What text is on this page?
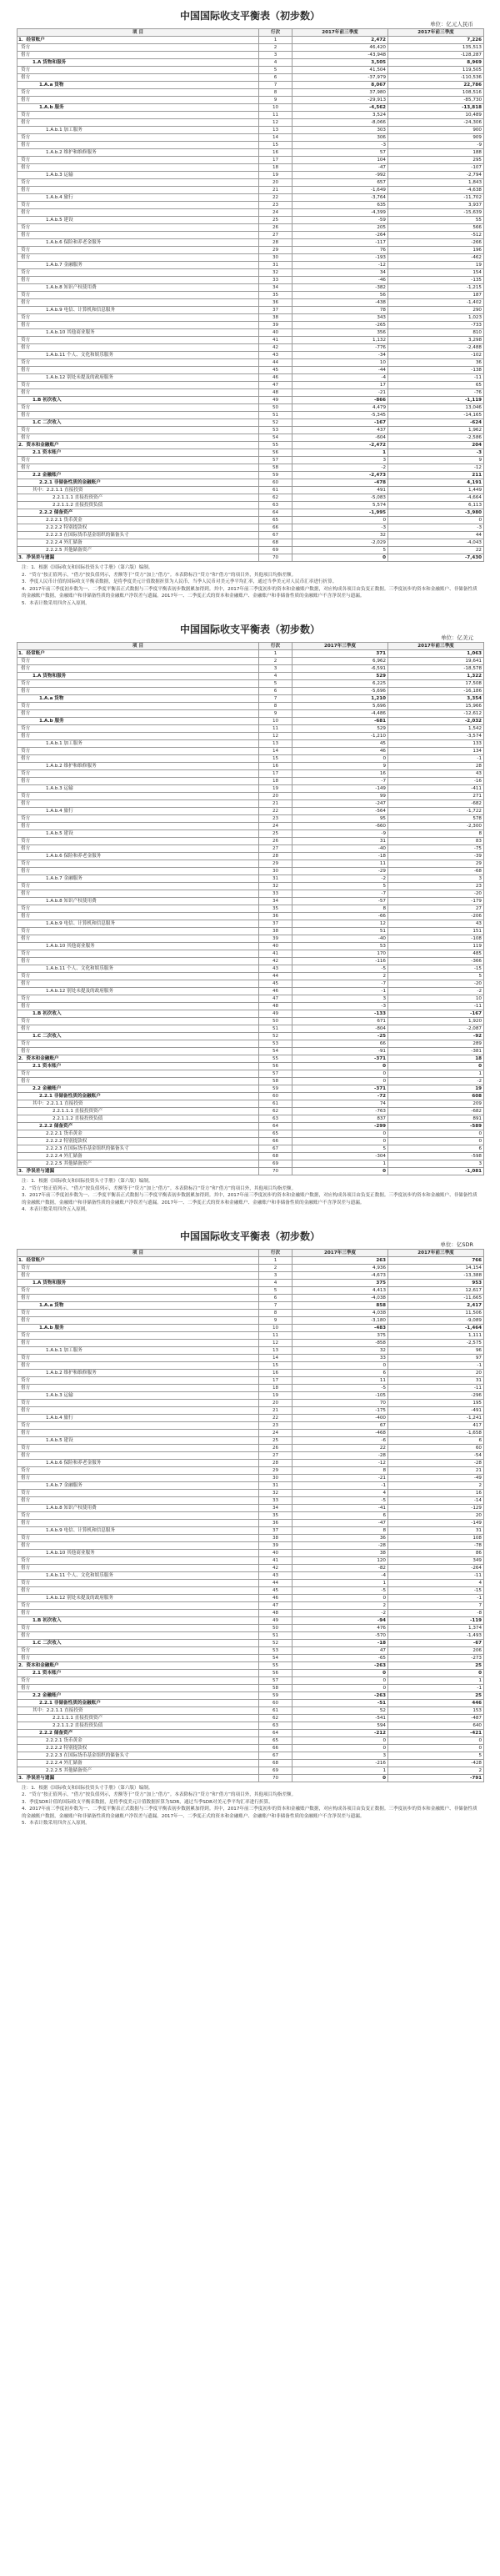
中国国际收支平衡表（初步数）
单位：亿元人民币
项 目	行次	2017年前三季度	2017年前三季度
1．经常账户	1	2,472	7,226
贷方	2	46,420	135,513
借方	3	-43,948	-128,287
1.A 货物和服务	4	3,505	8,969
贷方	5	41,504	119,505
借方	6	-37,979	-110,536
1.A.a 货物	7	8,067	22,786
贷方	8	37,980	108,516
借方	9	-29,913	-85,730
1.A.b 服务	10	-4,562	-13,818
贷方	11	3,524	10,489
借方	12	-8,066	-24,306
1.A.b.1 加工服务	13	303	900
贷方	14	306	909
借方	15	-3	-9
1.A.b.2 维护和维修服务	16	57	188
贷方	17	104	295
借方	18	-47	-107
1.A.b.3 运输	19	-992	-2,794
贷方	20	657	1,843
借方	21	-1,649	-4,638
1.A.b.4 旅行	22	-3,764	-11,702
贷方	23	635	3,937
借方	24	-4,399	-15,639
1.A.b.5 建设	25	-59	55
贷方	26	205	566
借方	27	-264	-512
1.A.b.6 保险和养老金服务	28	-117	-266
贷方	29	76	196
借方	30	-193	-462
1.A.b.7 金融服务	31	-12	19
贷方	32	34	154
借方	33	-46	-135
1.A.b.8 知识产权使用费	34	-382	-1,215
贷方	35	56	187
借方	36	-438	-1,402
1.A.b.9 电信、计算机和信息服务	37	78	290
贷方	38	343	1,023
借方	39	-265	-733
1.A.b.10 其他商业服务	40	356	810
贷方	41	1,132	3,298
借方	42	-776	-2,488
1.A.b.11 个人、文化和娱乐服务	43	-34	-102
贷方	44	10	36
借方	45	-44	-138
1.A.b.12 别处未提及的政府服务	46	-4	-11
贷方	47	17	65
借方	48	-21	-76
1.B 初次收入	49	-866	-1,119
贷方	50	4,479	13,046
借方	51	-5,345	-14,165
1.C 二次收入	52	-167	-624
贷方	53	437	1,962
借方	54	-604	-2,586
2．资本和金融账户	55	-2,472	204
2.1 资本账户	56	1	-3
贷方	57	3	9
借方	58	-2	-12
2.2 金融账户	59	-2,473	211
2.2.1 非储备性质的金融账户	60	-478	4,191
其中：2.2.1.1 直接投资	61	491	1,449
2.2.1.1.1 直接投资资产	62	-5,083	-4,664
2.2.1.1.2 直接投资负债	63	5,574	6,113
2.2.2 储备资产	64	-1,995	-3,980
2.2.2.1 货币黄金	65	0	0
2.2.2.2 特别提款权	66	-3	-3
2.2.2.3 在国际货币基金组织的储备头寸	67	32	44
2.2.2.4 外汇储备	68	-2,029	-4,043
2.2.2.5 其他储备资产	69	5	22
3．净误差与遗漏	70	0	-7,430

注：1．根据《国际收支和国际投资头寸手册》（第六版）编制。

2．“贷方”按正值列示，“借方”按负值列示，差额等于“贷方”加上“借方”。本表除标注“贷方”和“借方”的项目外，其他项目均指差额。

3．季度人民币计值的国际收支平衡表数据，是将季度美元计值数据折算为人民币，当季人民币对美元季平均汇率，通过当季美元对人民币汇率进行折算。

4．2017年前三季度初步数为一、二季度平衡表正式数据与三季度平衡表初步数据累加得到。其中，2017年前三季度初步的资本和金融账户数据，对应构成各项目由负变正数据。三季度初步的资本和金融账户、非储备性质的金融账户数据，金融账户和非储备性质的金融账户净误差与遗漏。2017年一、二季度正式的资本和金融账户、金融账户和非储备性质的金融账户不含净误差与遗漏。

5．本表计数采用四舍五入原则。

中国国际收支平衡表（初步数）
单位：亿美元
项 目	行次	2017年三季度	2017年前三季度
1．经常账户	1	371	1,063
贷方	2	6,962	19,641
借方	3	-6,591	-18,578
1.A 货物和服务	4	529	1,322
贷方	5	6,225	17,508
借方	6	-5,696	-16,186
1.A.a 货物	7	1,210	3,354
贷方	8	5,696	15,966
借方	9	-4,486	-12,612
1.A.b 服务	10	-681	-2,032
贷方	11	529	1,542
借方	12	-1,210	-3,574
1.A.b.1 加工服务	13	45	133
贷方	14	46	134
借方	15	0	-1
1.A.b.2 维护和维修服务	16	9	28
贷方	17	16	43
借方	18	-7	-16
1.A.b.3 运输	19	-149	-411
贷方	20	99	271
借方	21	-247	-682
1.A.b.4 旅行	22	-564	-1,722
贷方	23	95	578
借方	24	-660	-2,300
1.A.b.5 建设	25	-9	8
贷方	26	31	83
借方	27	-40	-75
1.A.b.6 保险和养老金服务	28	-18	-39
贷方	29	11	29
借方	30	-29	-68
1.A.b.7 金融服务	31	-2	3
贷方	32	5	23
借方	33	-7	-20
1.A.b.8 知识产权使用费	34	-57	-179
贷方	35	8	27
借方	36	-66	-206
1.A.b.9 电信、计算机和信息服务	37	12	43
贷方	38	51	151
借方	39	-40	-108
1.A.b.10 其他商业服务	40	53	119
贷方	41	170	485
借方	42	-116	-366
1.A.b.11 个人、文化和娱乐服务	43	-5	-15
贷方	44	2	5
借方	45	-7	-20
1.A.b.12 别处未提及的政府服务	46	-1	-2
贷方	47	3	10
借方	48	-3	-11
1.B 初次收入	49	-133	-167
贷方	50	671	1,920
借方	51	-804	-2,087
1.C 二次收入	52	-25	-92
贷方	53	66	289
借方	54	-91	-381
2．资本和金融账户	55	-371	18
2.1 资本账户	56	0	0
贷方	57	0	1
借方	58	0	-2
2.2 金融账户	59	-371	19
2.2.1 非储备性质的金融账户	60	-72	608
其中：2.2.1.1 直接投资	61	74	209
2.2.1.1.1 直接投资资产	62	-763	-682
2.2.1.1.2 直接投资负债	63	837	891
2.2.2 储备资产	64	-299	-589
2.2.2.1 货币黄金	65	0	0
2.2.2.2 特别提款权	66	0	0
2.2.2.3 在国际货币基金组织的储备头寸	67	5	6
2.2.2.4 外汇储备	68	-304	-598
2.2.2.5 其他储备资产	69	1	3
3．净误差与遗漏	70	0	-1,081

注：1．根据《国际收支和国际投资头寸手册》（第六版）编制。

2．“贷方”按正值列示，“借方”按负值列示，差额等于“贷方”加上“借方”。本表除标注“贷方”和“借方”的项目外，其他项目均指差额。

3．2017年前三季度初步数为一、二季度平衡表正式数据与三季度平衡表初步数据累加得到。其中，2017年前三季度初步的资本和金融账户数据，对应构成各项目由负变正数据。三季度初步的资本和金融账户、非储备性质的金融账户数据，金融账户和非储备性质的金融账户净误差与遗漏。2017年一、二季度正式的资本和金融账户、金融账户和非储备性质的金融账户不含净误差与遗漏。

4．本表计数采用四舍五入原则。

中国国际收支平衡表（初步数）
单位：亿SDR
项 目	行次	2017年三季度	2017年前三季度
1．经常账户	1	263	766
贷方	2	4,936	14,154
借方	3	-4,673	-13,388
1.A 货物和服务	4	375	953
贷方	5	4,413	12,617
借方	6	-4,038	-11,665
1.A.a 货物	7	858	2,417
贷方	8	4,038	11,506
借方	9	-3,180	-9,089
1.A.b 服务	10	-483	-1,464
贷方	11	375	1,111
借方	12	-858	-2,575
1.A.b.1 加工服务	13	32	96
贷方	14	33	97
借方	15	0	-1
1.A.b.2 维护和维修服务	16	6	20
贷方	17	11	31
借方	18	-5	-11
1.A.b.3 运输	19	-105	-296
贷方	20	70	195
借方	21	-175	-491
1.A.b.4 旅行	22	-400	-1,241
贷方	23	67	417
借方	24	-468	-1,658
1.A.b.5 建设	25	-6	6
贷方	26	22	60
借方	27	-28	-54
1.A.b.6 保险和养老金服务	28	-12	-28
贷方	29	8	21
借方	30	-21	-49
1.A.b.7 金融服务	31	-1	2
贷方	32	4	16
借方	33	-5	-14
1.A.b.8 知识产权使用费	34	-41	-129
贷方	35	6	20
借方	36	-47	-149
1.A.b.9 电信、计算机和信息服务	37	8	31
贷方	38	36	108
借方	39	-28	-78
1.A.b.10 其他商业服务	40	38	86
贷方	41	120	349
借方	42	-82	-264
1.A.b.11 个人、文化和娱乐服务	43	-4	-11
贷方	44	1	4
借方	45	-5	-15
1.A.b.12 别处未提及的政府服务	46	0	-1
贷方	47	2	7
借方	48	-2	-8
1.B 初次收入	49	-94	-119
贷方	50	476	1,374
借方	51	-570	-1,493
1.C 二次收入	52	-18	-67
贷方	53	47	206
借方	54	-65	-273
2．资本和金融账户	55	-263	25
2.1 资本账户	56	0	0
贷方	57	0	1
借方	58	0	-1
2.2 金融账户	59	-263	25
2.2.1 非储备性质的金融账户	60	-51	446
其中：2.2.1.1 直接投资	61	52	153
2.2.1.1.1 直接投资资产	62	-541	-487
2.2.1.1.2 直接投资负债	63	594	640
2.2.2 储备资产	64	-212	-421
2.2.2.1 货币黄金	65	0	0
2.2.2.2 特别提款权	66	0	0
2.2.2.3 在国际货币基金组织的储备头寸	67	3	5
2.2.2.4 外汇储备	68	-216	-428
2.2.2.5 其他储备资产	69	1	2
3．净误差与遗漏	70	0	-791

注：1．根据《国际收支和国际投资头寸手册》（第六版）编制。

2．“贷方”按正值列示，“借方”按负值列示，差额等于“贷方”加上“借方”。本表除标注“贷方”和“借方”的项目外，其他项目均指差额。

3．季度SDR计值的国际收支平衡表数据，是将季度美元计值数据折算为SDR，通过当季SDR对美元季平均汇率进行折算。

4．2017年前三季度初步数为一、二季度平衡表正式数据与三季度平衡表初步数据累加得到。其中，2017年前三季度初步的资本和金融账户数据，对应构成各项目由负变正数据。三季度初步的资本和金融账户、非储备性质的金融账户数据，金融账户和非储备性质的金融账户净误差与遗漏。2017年一、二季度正式的资本和金融账户、金融账户和非储备性质的金融账户不含净误差与遗漏。

5．本表计数采用四舍五入原则。
